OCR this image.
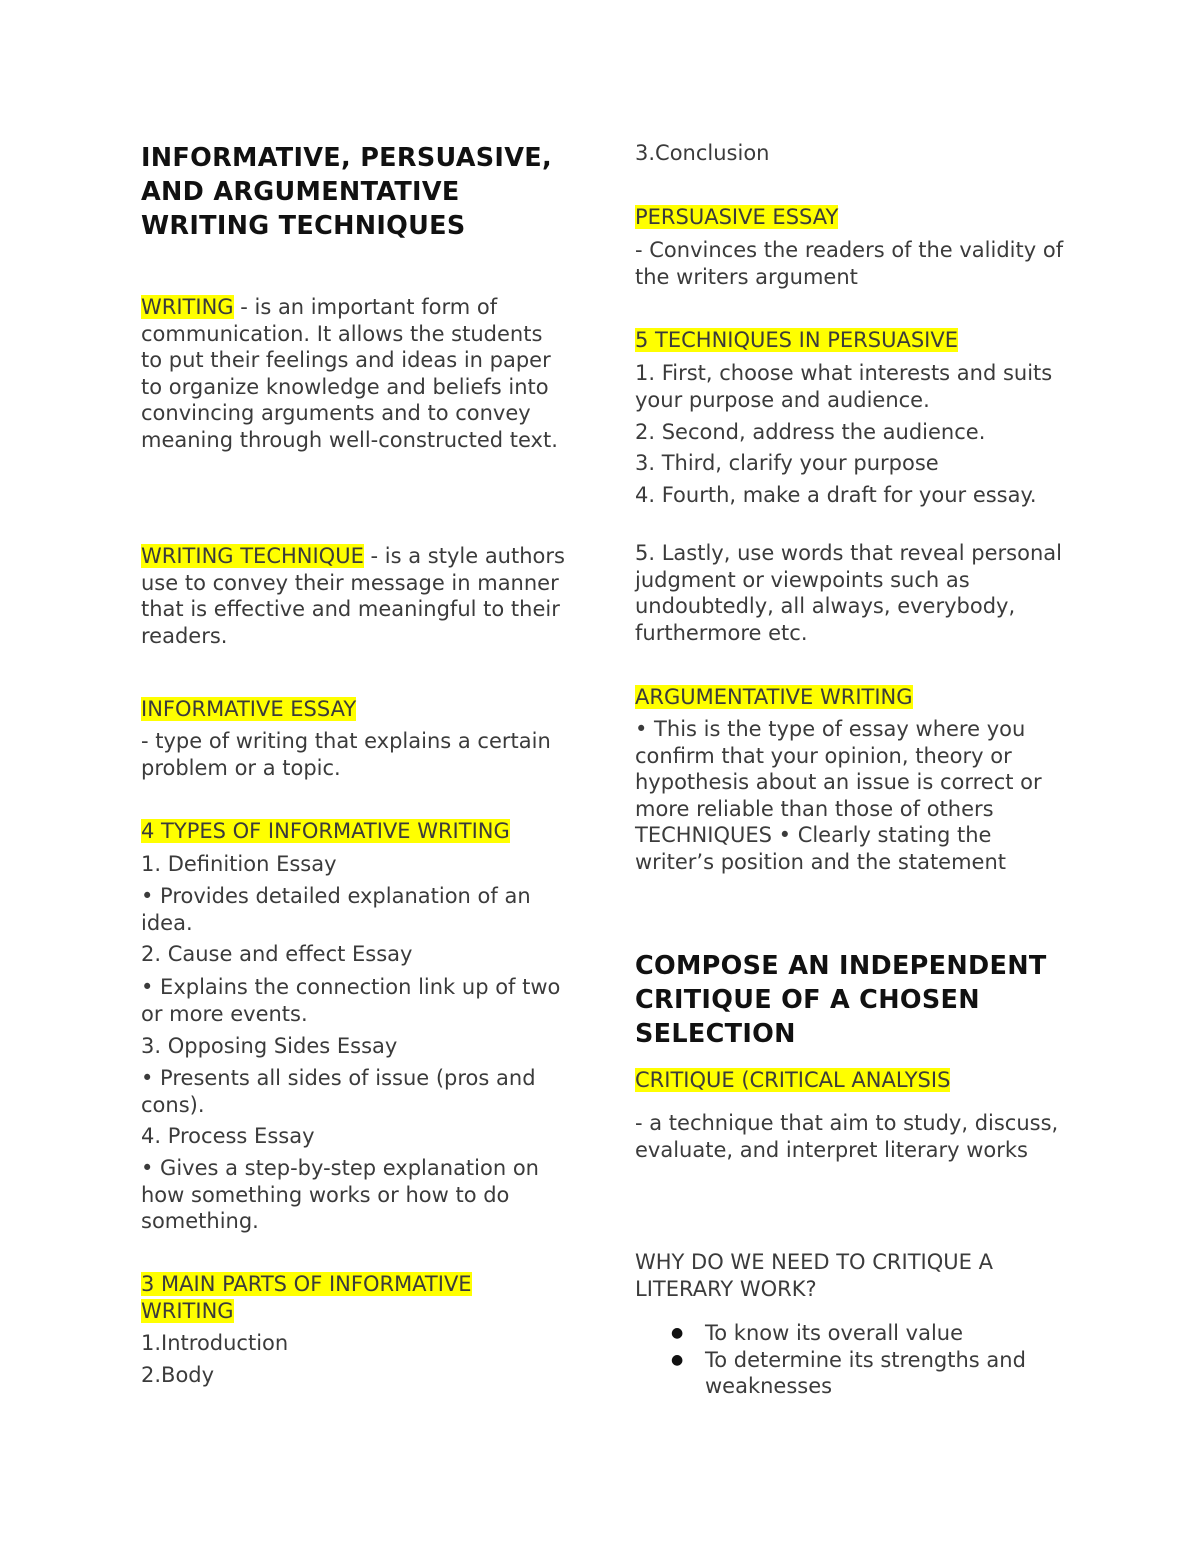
INFORMATIVE, PERSUASIVE, AND ARGUMENTATIVE WRITING TECHNIQUES

WRITING - is an important form of communication. It allows the students to put their feelings and ideas in paper to organize knowledge and beliefs into convincing arguments and to convey meaning through well-constructed text.

WRITING TECHNIQUE - is a style authors use to convey their message in manner that is effective and meaningful to their readers.

INFORMATIVE ESSAY

- type of writing that explains a certain problem or a topic.

4 TYPES OF INFORMATIVE WRITING

1. Definition Essay

• Provides detailed explanation of an idea.

2. Cause and effect Essay

• Explains the connection link up of two or more events.

3. Opposing Sides Essay

• Presents all sides of issue (pros and cons).

4. Process Essay

• Gives a step-by-step explanation on how something works or how to do something.

3 MAIN PARTS OF INFORMATIVE WRITING

1.Introduction

2.Body

3.Conclusion

PERSUASIVE ESSAY

- Convinces the readers of the validity of the writers argument

5 TECHNIQUES IN PERSUASIVE

1. First, choose what interests and suits your purpose and audience.

2. Second, address the audience.

3. Third, clarify your purpose

4. Fourth, make a draft for your essay.

5. Lastly, use words that reveal personal judgment or viewpoints such as undoubtedly, all always, everybody, furthermore etc.

ARGUMENTATIVE WRITING

• This is the type of essay where you confirm that your opinion, theory or hypothesis about an issue is correct or more reliable than those of others TECHNIQUES • Clearly stating the writer’s position and the statement

COMPOSE AN INDEPENDENT CRITIQUE OF A CHOSEN SELECTION

CRITIQUE (CRITICAL ANALYSIS

- a technique that aim to study, discuss, evaluate, and interpret literary works

WHY DO WE NEED TO CRITIQUE A LITERARY WORK?

● To know its overall value
● To determine its strengths and weaknesses
